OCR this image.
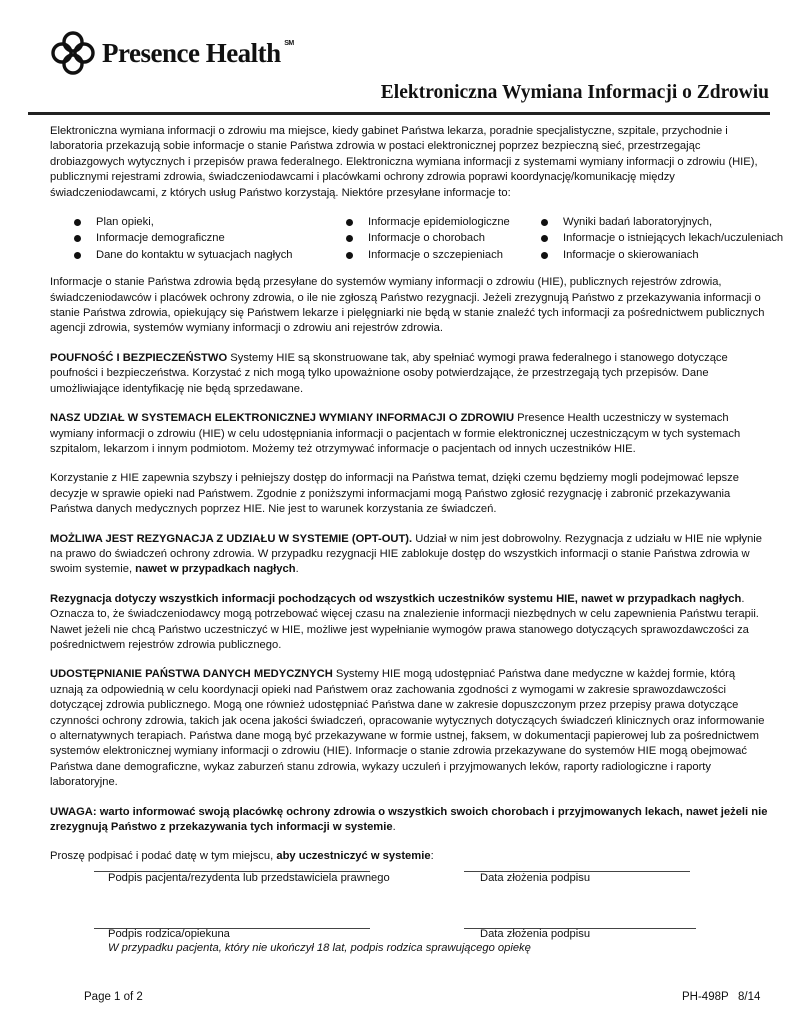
Presence Health SM
Elektroniczna Wymiana Informacji o Zdrowiu

Elektroniczna wymiana informacji o zdrowiu ma miejsce, kiedy gabinet Państwa lekarza, poradnie specjalistyczne, szpitale, przychodnie i laboratoria przekazują sobie informacje o stanie Państwa zdrowia w postaci elektronicznej poprzez bezpieczną sieć, przestrzegając drobiazgowych wytycznych i przepisów prawa federalnego. Elektroniczna wymiana informacji z systemami wymiany informacji o zdrowiu (HIE), publicznymi rejestrami zdrowia, świadczeniodawcami i placówkami ochrony zdrowia poprawi koordynację/komunikację między świadczeniodawcami, z których usług Państwo korzystają. Niektóre przesyłane informacje to:

Plan opieki,	Informacje epidemiologiczne	Wyniki badań laboratoryjnych,
Informacje demograficzne	Informacje o chorobach	Informacje o istniejących lekach/uczuleniach
Dane do kontaktu w sytuacjach nagłych	Informacje o szczepieniach	Informacje o skierowaniach

Informacje o stanie Państwa zdrowia będą przesyłane do systemów wymiany informacji o zdrowiu (HIE), publicznych rejestrów zdrowia, świadczeniodawców i placówek ochrony zdrowia, o ile nie zgłoszą Państwo rezygnacji. Jeżeli zrezygnują Państwo z przekazywania informacji o stanie Państwa zdrowia, opiekujący się Państwem lekarze i pielęgniarki nie będą w stanie znaleźć tych informacji za pośrednictwem publicznych agencji zdrowia, systemów wymiany informacji o zdrowiu ani rejestrów zdrowia.

POUFNOŚĆ I BEZPIECZEŃSTWO Systemy HIE są skonstruowane tak, aby spełniać wymogi prawa federalnego i stanowego dotyczące poufności i bezpieczeństwa. Korzystać z nich mogą tylko upoważnione osoby potwierdzające, że przestrzegają tych przepisów. Dane umożliwiające identyfikację nie będą sprzedawane.

NASZ UDZIAŁ W SYSTEMACH ELEKTRONICZNEJ WYMIANY INFORMACJI O ZDROWIU Presence Health uczestniczy w systemach wymiany informacji o zdrowiu (HIE) w celu udostępniania informacji o pacjentach w formie elektronicznej uczestniczącym w tych systemach szpitalom, lekarzom i innym podmiotom. Możemy też otrzymywać informacje o pacjentach od innych uczestników HIE.

Korzystanie z HIE zapewnia szybszy i pełniejszy dostęp do informacji na Państwa temat, dzięki czemu będziemy mogli podejmować lepsze decyzje w sprawie opieki nad Państwem. Zgodnie z poniższymi informacjami mogą Państwo zgłosić rezygnację i zabronić przekazywania Państwa danych medycznych poprzez HIE. Nie jest to warunek korzystania ze świadczeń.

MOŻLIWA JEST REZYGNACJA Z UDZIAŁU W SYSTEMIE (OPT-OUT). Udział w nim jest dobrowolny. Rezygnacja z udziału w HIE nie wpłynie na prawo do świadczeń ochrony zdrowia. W przypadku rezygnacji HIE zablokuje dostęp do wszystkich informacji o stanie Państwa zdrowia w swoim systemie, nawet w przypadkach nagłych.

Rezygnacja dotyczy wszystkich informacji pochodzących od wszystkich uczestników systemu HIE, nawet w przypadkach nagłych. Oznacza to, że świadczeniodawcy mogą potrzebować więcej czasu na znalezienie informacji niezbędnych w celu zapewnienia Państwu terapii. Nawet jeżeli nie chcą Państwo uczestniczyć w HIE, możliwe jest wypełnianie wymogów prawa stanowego dotyczących sprawozdawczości za pośrednictwem rejestrów zdrowia publicznego.

UDOSTĘPNIANIE PAŃSTWA DANYCH MEDYCZNYCH Systemy HIE mogą udostępniać Państwa dane medyczne w każdej formie, którą uznają za odpowiednią w celu koordynacji opieki nad Państwem oraz zachowania zgodności z wymogami w zakresie sprawozdawczości dotyczącej zdrowia publicznego. Mogą one również udostępniać Państwa dane w zakresie dopuszczonym przez przepisy prawa dotyczące czynności ochrony zdrowia, takich jak ocena jakości świadczeń, opracowanie wytycznych dotyczących świadczeń klinicznych oraz informowanie o alternatywnych terapiach. Państwa dane mogą być przekazywane w formie ustnej, faksem, w dokumentacji papierowej lub za pośrednictwem systemów elektronicznej wymiany informacji o zdrowiu (HIE). Informacje o stanie zdrowia przekazywane do systemów HIE mogą obejmować Państwa dane demograficzne, wykaz zaburzeń stanu zdrowia, wykazy uczuleń i przyjmowanych leków, raporty radiologiczne i raporty laboratoryjne.

UWAGA: warto informować swoją placówkę ochrony zdrowia o wszystkich swoich chorobach i przyjmowanych lekach, nawet jeżeli nie zrezygnują Państwo z przekazywania tych informacji w systemie.

Proszę podpisać i podać datę w tym miejscu, aby uczestniczyć w systemie:

Podpis pacjenta/rezydenta lub przedstawiciela prawnego	Data złożenia podpisu
Podpis rodzica/opiekuna	Data złożenia podpisu
W przypadku pacjenta, który nie ukończył 18 lat, podpis rodzica sprawującego opiekę
Page 1 of 2	PH-498P   8/14
